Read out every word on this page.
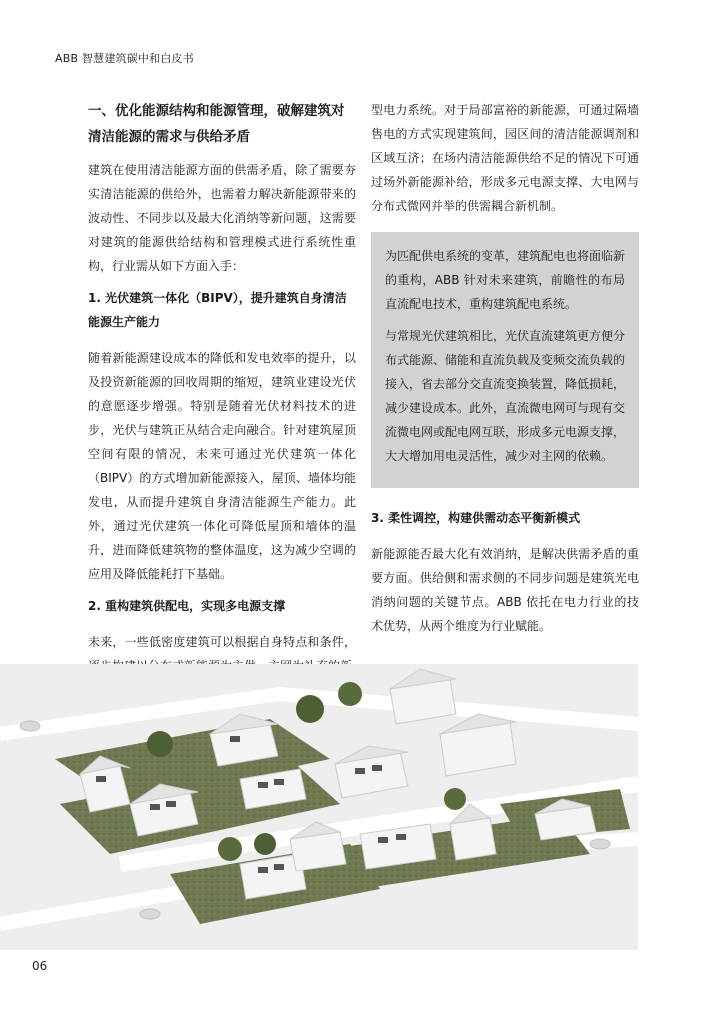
ABB 智慧建筑碳中和白皮书
一、优化能源结构和能源管理，破解建筑对清洁能源的需求与供给矛盾

建筑在使用清洁能源方面的供需矛盾，除了需要夯实清洁能源的供给外，也需着力解决新能源带来的波动性、不同步以及最大化消纳等新问题，这需要对建筑的能源供给结构和管理模式进行系统性重构，行业需从如下方面入手：

1. 光伏建筑一体化（BIPV），提升建筑自身清洁能源生产能力

随着新能源建设成本的降低和发电效率的提升，以及投资新能源的回收周期的缩短，建筑业建设光伏的意愿逐步增强。特别是随着光伏材料技术的进步，光伏与建筑正从结合走向融合。针对建筑屋顶空间有限的情况，未来可通过光伏建筑一体化（BIPV）的方式增加新能源接入，屋顶、墙体均能发电，从而提升建筑自身清洁能源生产能力。此外，通过光伏建筑一体化可降低屋顶和墙体的温升，进而降低建筑物的整体温度，这为减少空调的应用及降低能耗打下基础。

2. 重构建筑供配电，实现多电源支撑

未来，一些低密度建筑可以根据自身特点和条件，

型电力系统。对于局部富裕的新能源，可通过隔墙售电的方式实现建筑间，园区间的清洁能源调剂和区域互济；在场内清洁能源供给不足的情况下可通过场外新能源补给，形成多元电源支撑、大电网与分布式微网并举的供需耦合新机制。

为匹配供电系统的变革，建筑配电也将面临新的重构，ABB 针对未来建筑，前瞻性的布局直流配电技术，重构建筑配电系统。

与常规光伏建筑相比，光伏直流建筑更方便分布式能源、储能和直流负载及变频交流负载的接入，省去部分交直流变换装置，降低损耗，减少建设成本。此外，直流微电网可与现有交流微电网或配电网互联，形成多元电源支撑，大大增加用电灵活性，减少对主网的依赖。

3. 柔性调控，构建供需动态平衡新模式

新能源能否最大化有效消纳，是解决供需矛盾的重要方面。供给侧和需求侧的不同步问题是建筑光电消纳问题的关键节点。ABB 依托在电力行业的技术优势，从两个维度为行业赋能。

06
